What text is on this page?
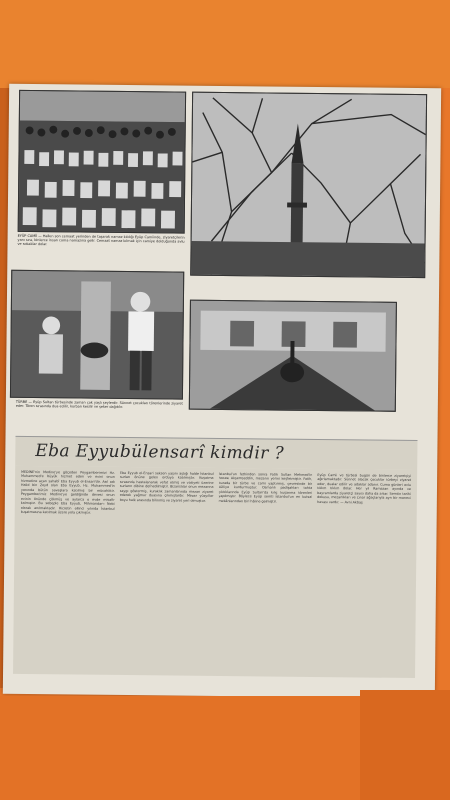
EYÜP CAMİİ — Halkın son cemaat yerinden de taşarak namaz kıldığı Eyüp Camiinde, ziyaretçilerin yanı sıra, binlerce insan cuma namazına gelir. Cemaat namaz kılmak için camiye dolduğunda avlu ve sokaklar dolar.
TÜRBE — Eyüp Sultan türbesinde zaman çok yaşlı şeylerdir. Sünnet çocukları törenlerinde ziyaret eder. Tören sırasında dua edilir, kurban kesilir ve şeker dağıtılır.
Eba Eyyubülensarî kimdir ?
MEDİNE'nin Medine'ye göçeden Peygamberimizi Hz. Muhammed'e büyük hizmet eden ve evini onun hizmetine açan sahabî Eba Eyyub el-Ensari'dir. Asıl adı Halid bin Zeyd olan Eba Eyyub, Hz. Muhammed'in yanında bütün savaşlara katılmış bir mücahittir. Peygamberimiz Medine'ye geldiğinde devesi onun evinin önünde çökmüş ve aylarca o evde misafir kalmıştır. Bu sebeple Eba Eyyub, Mihmandar-ı Nebi olarak anılmaktadır. Hicretin ellinci yılında İstanbul kuşatmasına katılmak üzere yola çıkmıştır.
Eba Eyyub el-Ensari seksen yaşını aştığı halde İstanbul surları önüne gelen orduya katılmıştır. Kuşatma sırasında hastalanarak vefat etmiş ve vasiyeti üzerine surların dibine defnedilmiştir. Bizanslılar onun mezarına saygı göstermiş, kuraklık zamanlarında mezarı ziyaret ederek yağmur duasına çıkmışlardır. Mezar yüzyıllar boyu halk arasında bilinmiş ve ziyaret yeri olmuştur.
İstanbul'un fethinden sonra Fatih Sultan Mehmed'in hocası Akşemseddin, mezarın yerini keşfetmiştir. Fatih, burada bir türbe ve cami yaptırmış, çevresinde bir külliye kurdurmuştur. Osmanlı padişahları tahta çıktıklarında Eyüp Sultan'da kılıç kuşanma törenleri yapılmıştır. Böylece Eyüp semti İstanbul'un en kutsal mekânlarından biri hâline gelmiştir.
Eyüp Camii ve türbesi bugün de binlerce ziyaretçiyi ağırlamaktadır. Sünnet olacak çocuklar türbeyi ziyaret eder, dualar edilir ve adaklar adanır. Cuma günleri avlu tıklım tıklım dolar. Her yıl Ramazan ayında ve bayramlarda ziyaretçi sayısı daha da artar. Semtin tarihi dokusu, mezarlıkları ve çınar ağaçlarıyla ayrı bir manevi havası vardır. — Avni Akbaş
